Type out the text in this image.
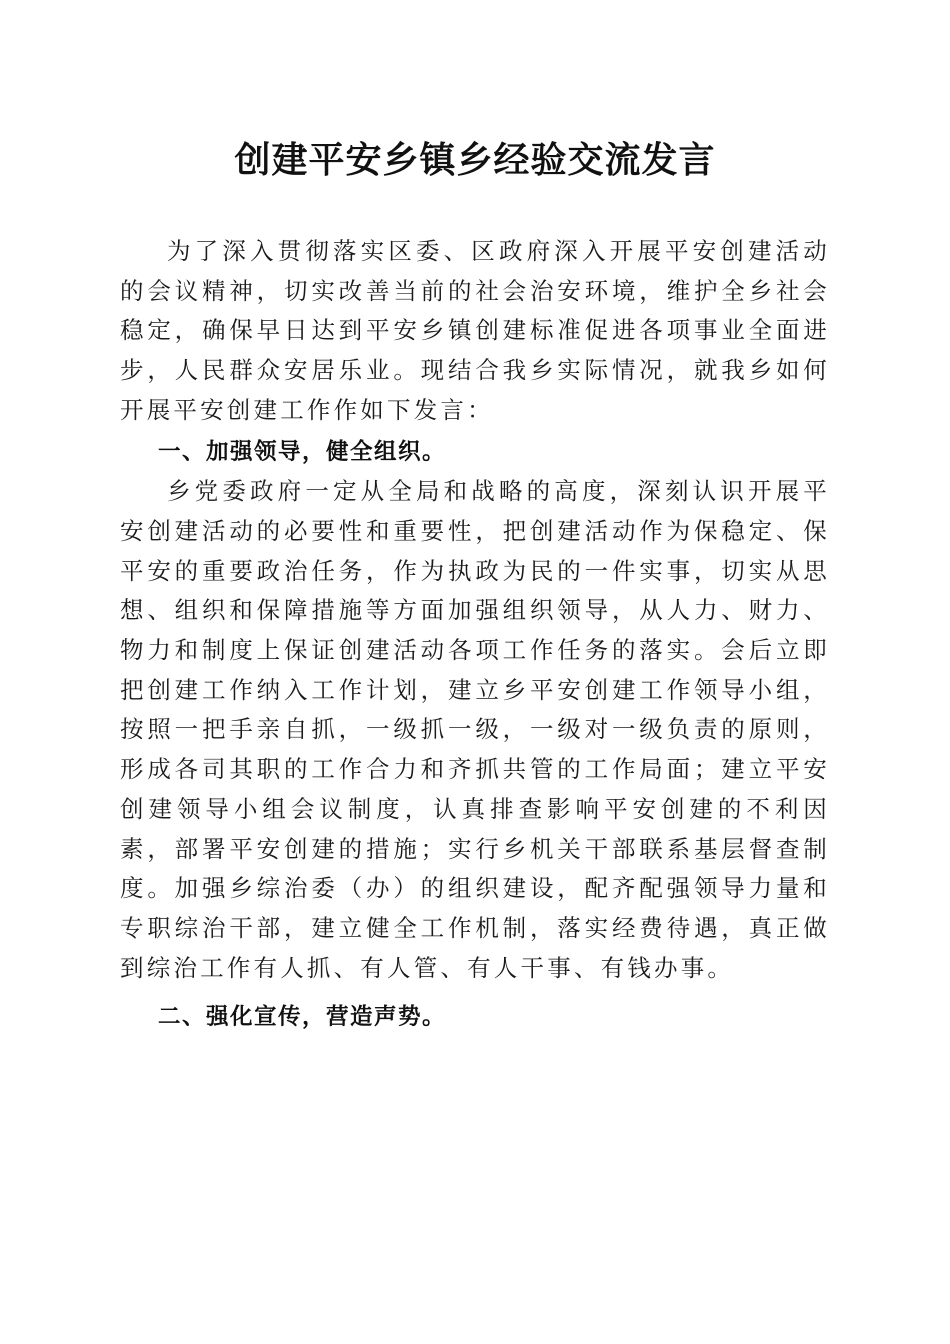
创建平安乡镇乡经验交流发言

为了深入贯彻落实区委、区政府深入开展平安创建活动的会议精神，切实改善当前的社会治安环境，维护全乡社会稳定，确保早日达到平安乡镇创建标准促进各项事业全面进步，人民群众安居乐业。现结合我乡实际情况，就我乡如何开展平安创建工作作如下发言：

一、加强领导，健全组织。

乡党委政府一定从全局和战略的高度，深刻认识开展平安创建活动的必要性和重要性，把创建活动作为保稳定、保平安的重要政治任务，作为执政为民的一件实事，切实从思想、组织和保障措施等方面加强组织领导，从人力、财力、物力和制度上保证创建活动各项工作任务的落实。会后立即把创建工作纳入工作计划，建立乡平安创建工作领导小组，按照一把手亲自抓，一级抓一级，一级对一级负责的原则，形成各司其职的工作合力和齐抓共管的工作局面；建立平安创建领导小组会议制度，认真排查影响平安创建的不利因素，部署平安创建的措施；实行乡机关干部联系基层督查制度。加强乡综治委（办）的组织建设，配齐配强领导力量和专职综治干部，建立健全工作机制，落实经费待遇，真正做到综治工作有人抓、有人管、有人干事、有钱办事。

二、强化宣传，营造声势。
